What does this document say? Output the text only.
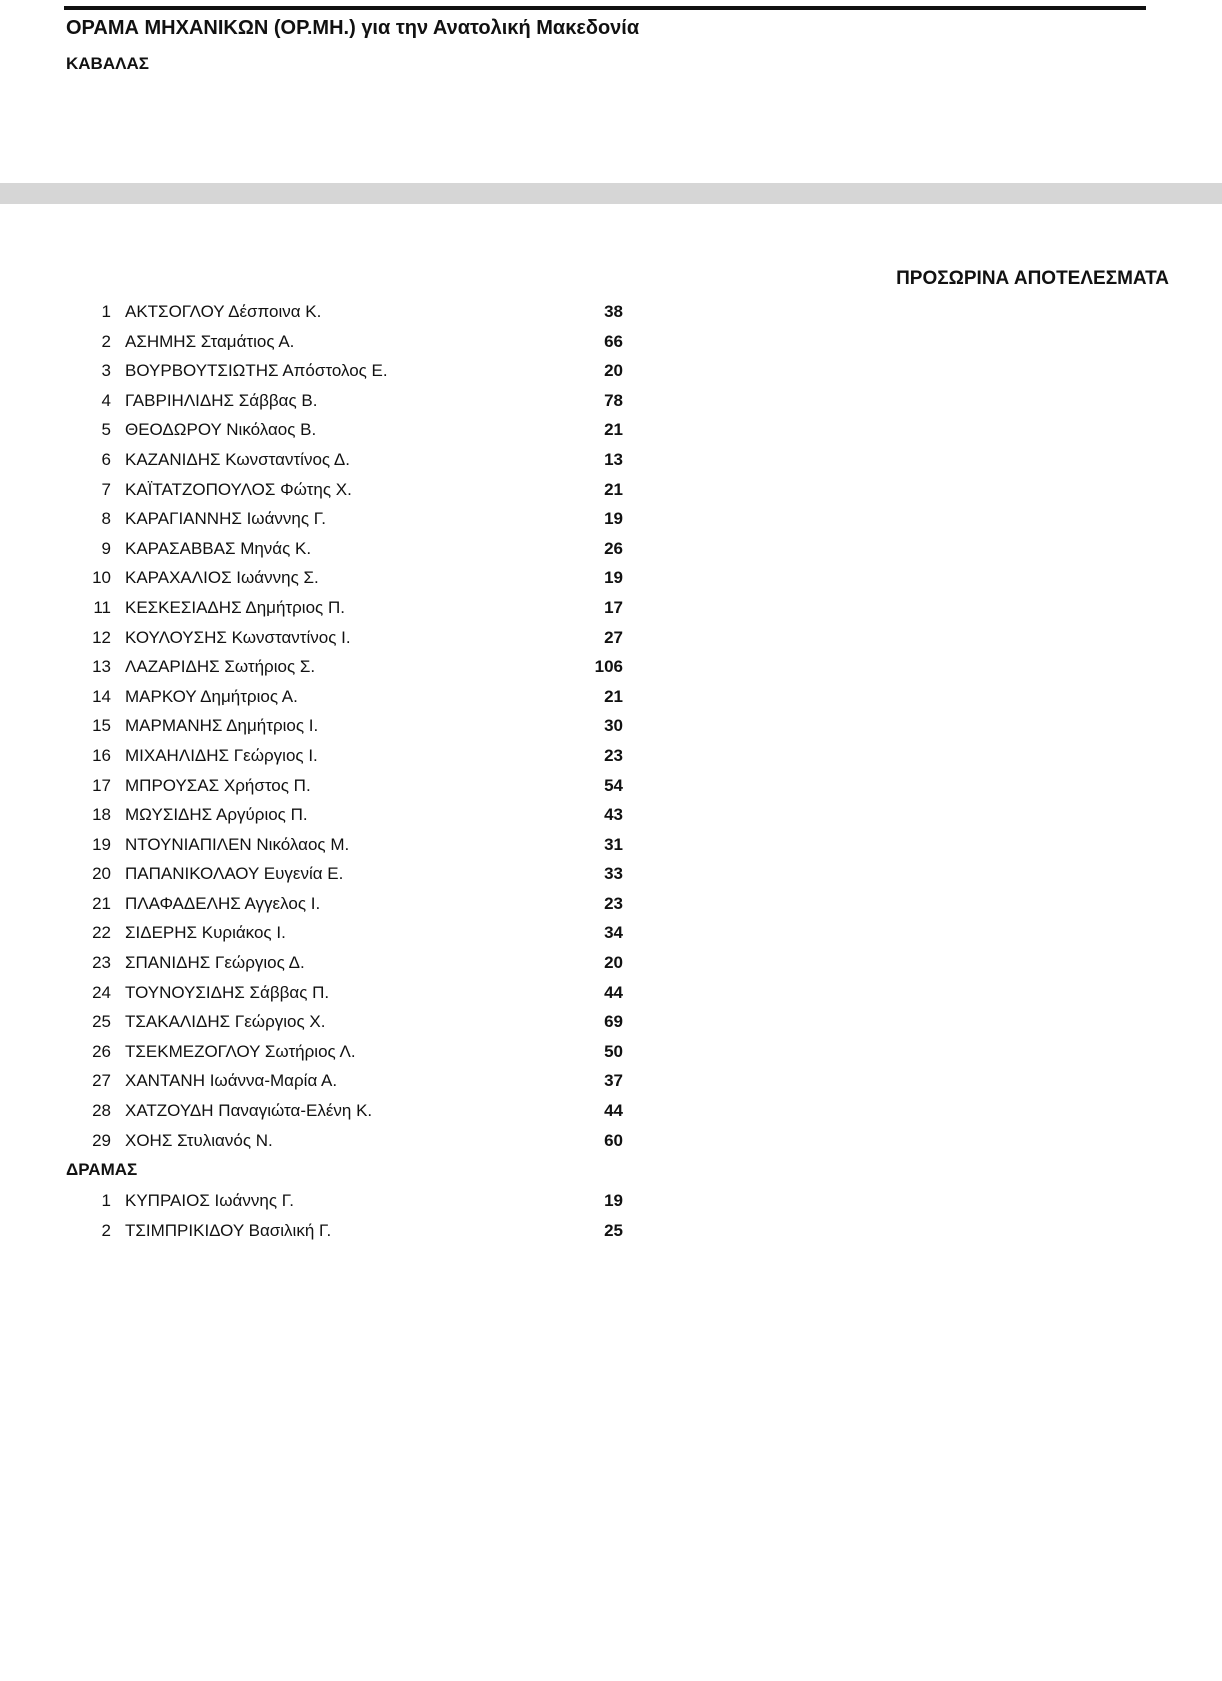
ΟΡΑΜΑ ΜΗΧΑΝΙΚΩΝ (ΟΡ.ΜΗ.) για την Ανατολική Μακεδονία
ΚΑΒΑΛΑΣ
ΠΡΟΣΩΡΙΝΑ ΑΠΟΤΕΛΕΣΜΑΤΑ
1 ΑΚΤΣΟΓΛΟΥ Δέσποινα Κ.	38
2 ΑΣΗΜΗΣ Σταμάτιος Α.	66
3 ΒΟΥΡΒΟΥΤΣΙΩΤΗΣ Απόστολος Ε.	20
4 ΓΑΒΡΙΗΛΙΔΗΣ Σάββας Β.	78
5 ΘΕΟΔΩΡΟΥ Νικόλαος Β.	21
6 ΚΑΖΑΝΙΔΗΣ Κωνσταντίνος Δ.	13
7 ΚΑΪΤΑΤΖΟΠΟΥΛΟΣ Φώτης Χ.	21
8 ΚΑΡΑΓΙΑΝΝΗΣ Ιωάννης Γ.	19
9 ΚΑΡΑΣΑΒΒΑΣ Μηνάς Κ.	26
10 ΚΑΡΑΧΑΛΙΟΣ Ιωάννης Σ.	19
11 ΚΕΣΚΕΣΙΑΔΗΣ Δημήτριος Π.	17
12 ΚΟΥΛΟΥΣΗΣ Κωνσταντίνος Ι.	27
13 ΛΑΖΑΡΙΔΗΣ Σωτήριος Σ.	106
14 ΜΑΡΚΟΥ Δημήτριος Α.	21
15 ΜΑΡΜΑΝΗΣ Δημήτριος Ι.	30
16 ΜΙΧΑΗΛΙΔΗΣ Γεώργιος Ι.	23
17 ΜΠΡΟΥΣΑΣ Χρήστος Π.	54
18 ΜΩΥΣΙΔΗΣ Αργύριος Π.	43
19 ΝΤΟΥΝΙΑΠΙΛΕΝ Νικόλαος Μ.	31
20 ΠΑΠΑΝΙΚΟΛΑΟΥ Ευγενία Ε.	33
21 ΠΛΑΦΑΔΕΛΗΣ Αγγελος Ι.	23
22 ΣΙΔΕΡΗΣ Κυριάκος Ι.	34
23 ΣΠΑΝΙΔΗΣ Γεώργιος Δ.	20
24 ΤΟΥΝΟΥΣΙΔΗΣ Σάββας Π.	44
25 ΤΣΑΚΑΛΙΔΗΣ Γεώργιος Χ.	69
26 ΤΣΕΚΜΕΖΟΓΛΟΥ Σωτήριος Λ.	50
27 ΧΑΝΤΑΝΗ Ιωάννα-Μαρία Α.	37
28 ΧΑΤΖΟΥΔΗ Παναγιώτα-Ελένη Κ.	44
29 ΧΟΗΣ Στυλιανός Ν.	60
ΔΡΑΜΑΣ
1 ΚΥΠΡΑΙΟΣ Ιωάννης Γ.	19
2 ΤΣΙΜΠΡΙΚΙΔΟΥ Βασιλική Γ.	25
